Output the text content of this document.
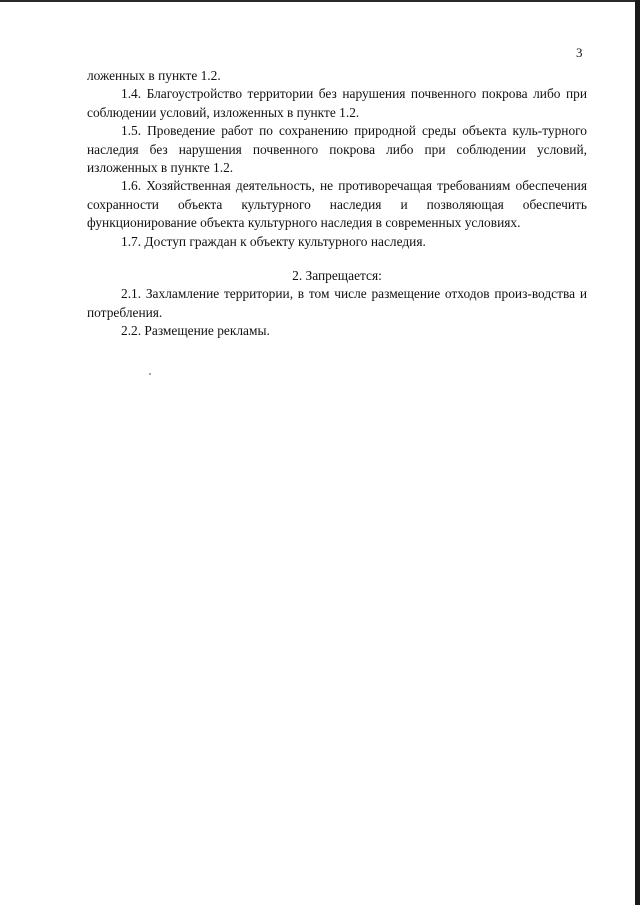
3

ложенных в пункте 1.2.

1.4. Благоустройство территории без нарушения почвенного покрова либо при соблюдении условий, изложенных в пункте 1.2.

1.5. Проведение работ по сохранению природной среды объекта куль-турного наследия без нарушения почвенного покрова либо при соблюдении условий, изложенных в пункте 1.2.

1.6. Хозяйственная деятельность, не противоречащая требованиям обеспечения сохранности объекта культурного наследия и позволяющая обеспечить функционирование объекта культурного наследия в современных условиях.

1.7. Доступ граждан к объекту культурного наследия.

2. Запрещается:

2.1. Захламление территории, в том числе размещение отходов произ-водства и потребления.

2.2. Размещение рекламы.
